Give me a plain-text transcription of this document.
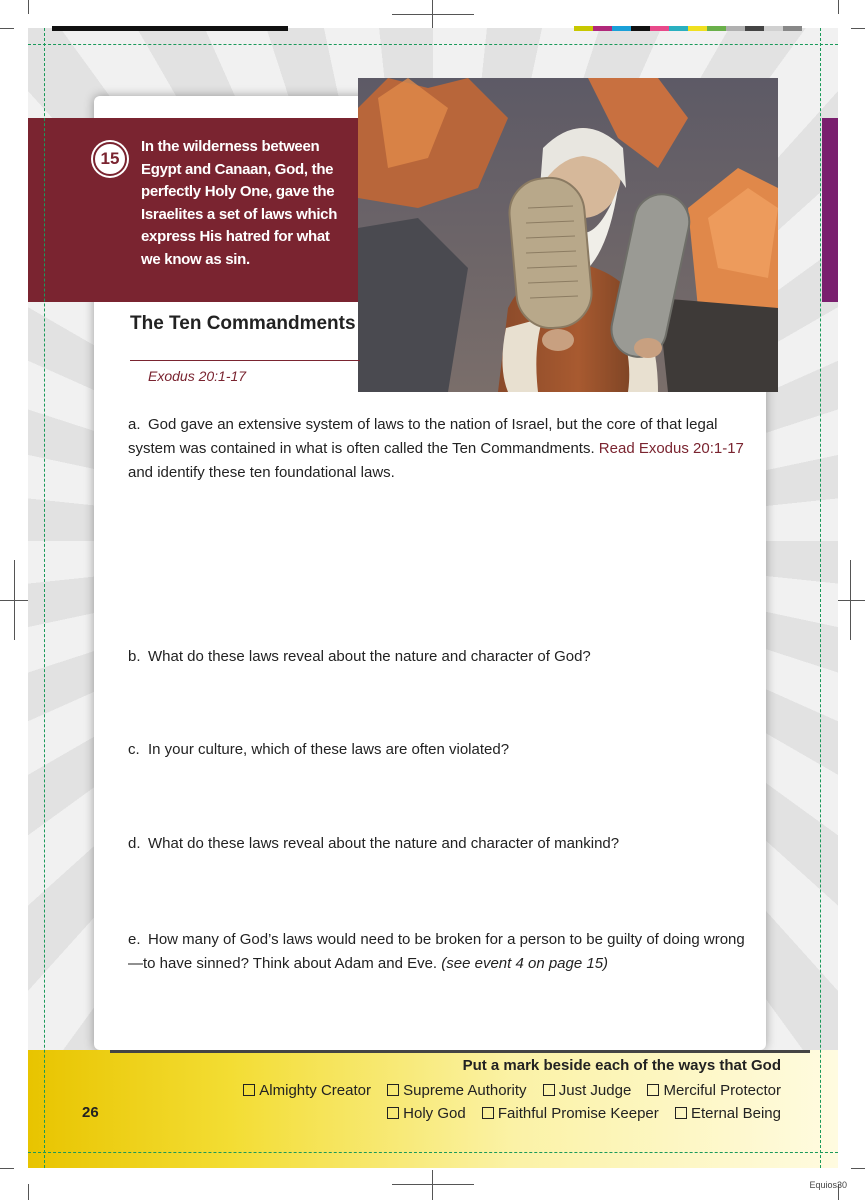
15
In the wilderness between Egypt and Canaan, God, the perfectly Holy One, gave the Israelites a set of laws which express His hatred for what we know as sin.
The Ten Commandments
Exodus 20:1-17
a. God gave an extensive system of laws to the nation of Israel, but the core of that legal system was contained in what is often called the Ten Commandments. Read Exodus 20:1-17 and identify these ten foundational laws.
b. What do these laws reveal about the nature and character of God?
c. In your culture, which of these laws are often violated?
d. What do these laws reveal about the nature and character of mankind?
e. How many of God’s laws would need to be broken for a person to be guilty of doing wrong—to have sinned? Think about Adam and Eve. (see event 4 on page 15)
26
Put a mark beside each of the ways that God
Almighty Creator Supreme Authority Just Judge Merciful Protector
Holy God Faithful Promise Keeper Eternal Being
Equios30
